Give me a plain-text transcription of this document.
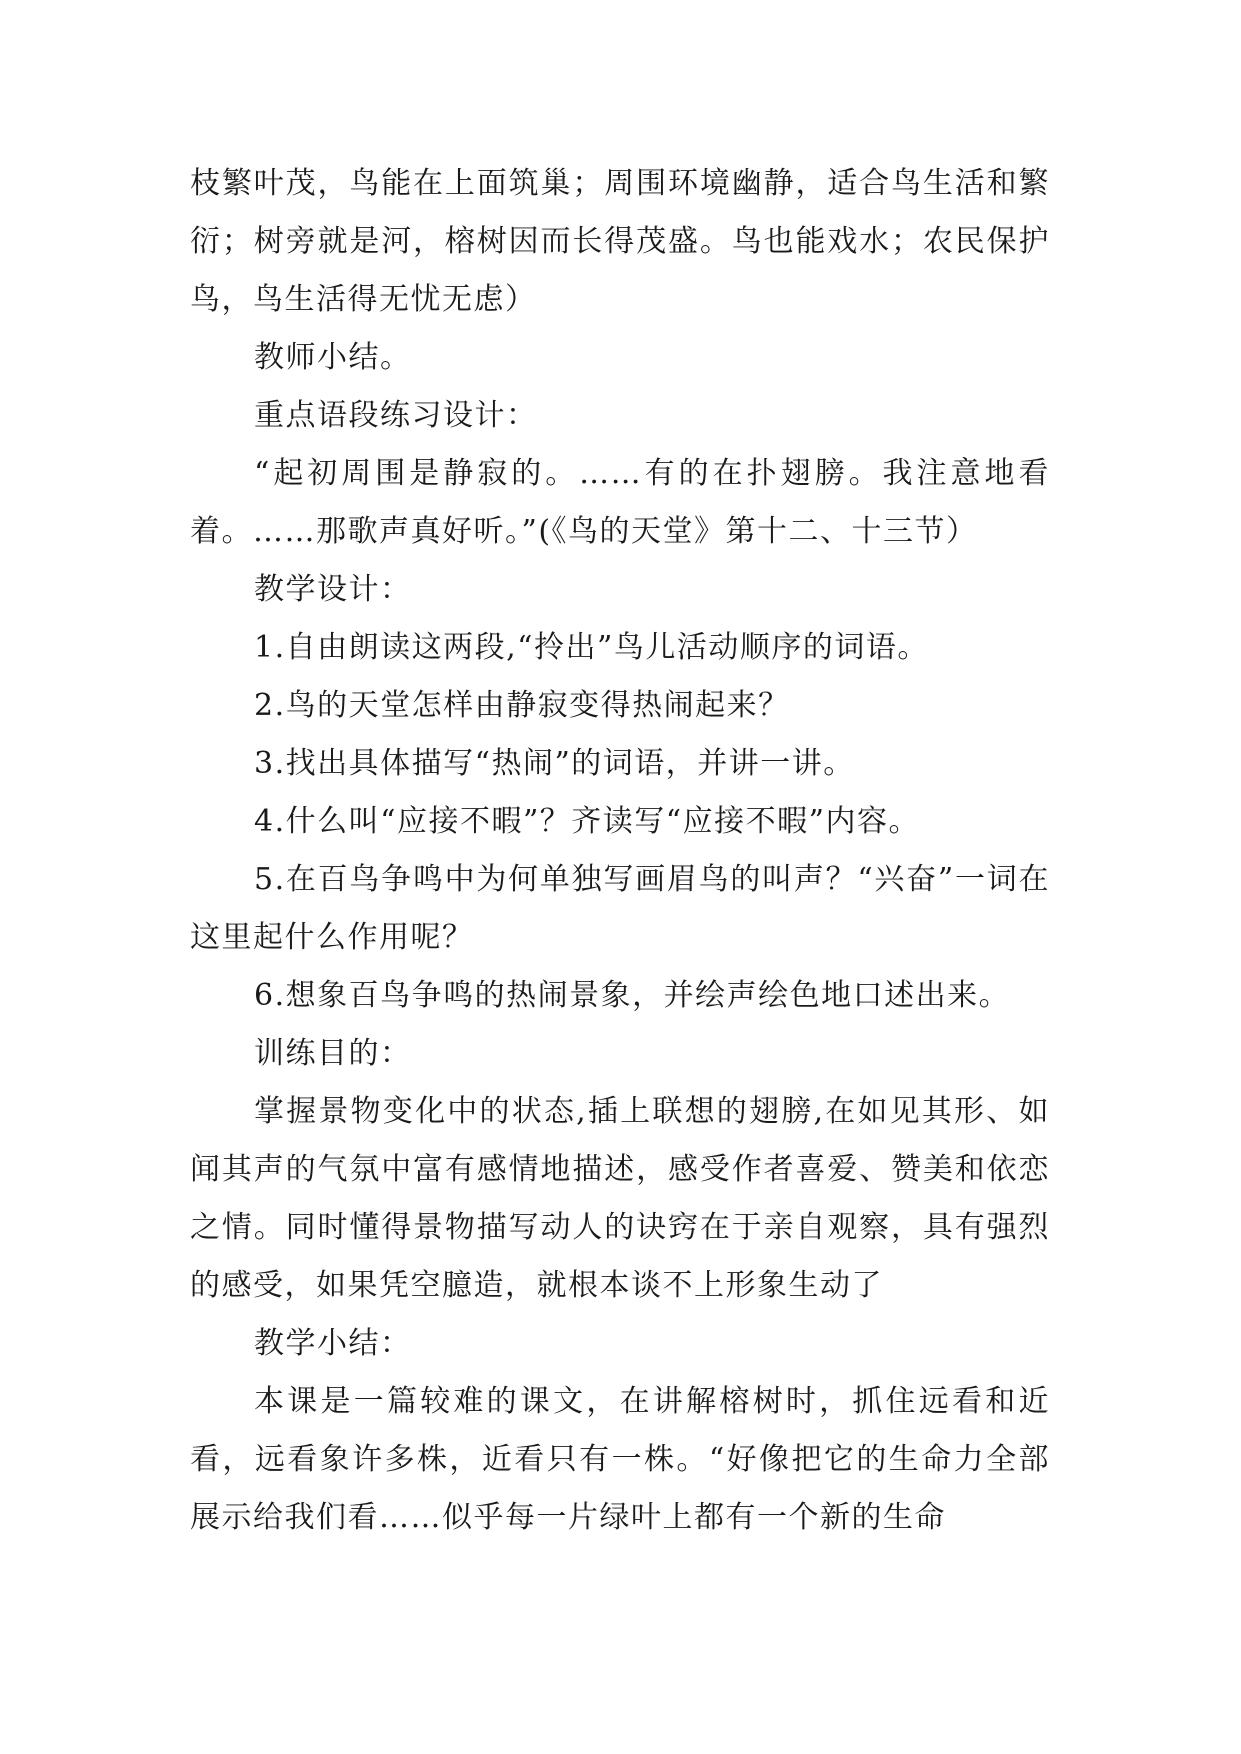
枝繁叶茂，鸟能在上面筑巢；周围环境幽静，适合鸟生活和繁衍；树旁就是河，榕树因而长得茂盛。鸟也能戏水；农民保护鸟，鸟生活得无忧无虑）

教师小结。

重点语段练习设计：

“起初周围是静寂的。……有的在扑翅膀。我注意地看着。……那歌声真好听。”(《鸟的天堂》第十二、十三节）

教学设计：

1.自由朗读这两段,“拎出”鸟儿活动顺序的词语。

2.鸟的天堂怎样由静寂变得热闹起来？

3.找出具体描写“热闹”的词语，并讲一讲。

4.什么叫“应接不暇”？齐读写“应接不暇”内容。

5.在百鸟争鸣中为何单独写画眉鸟的叫声？“兴奋”一词在这里起什么作用呢？

6.想象百鸟争鸣的热闹景象，并绘声绘色地口述出来。

训练目的：

掌握景物变化中的状态,插上联想的翅膀,在如见其形、如闻其声的气氛中富有感情地描述，感受作者喜爱、赞美和依恋之情。同时懂得景物描写动人的诀窍在于亲自观察，具有强烈的感受，如果凭空臆造，就根本谈不上形象生动了

教学小结：

本课是一篇较难的课文，在讲解榕树时，抓住远看和近看，远看象许多株，近看只有一株。“好像把它的生命力全部展示给我们看……似乎每一片绿叶上都有一个新的生命
